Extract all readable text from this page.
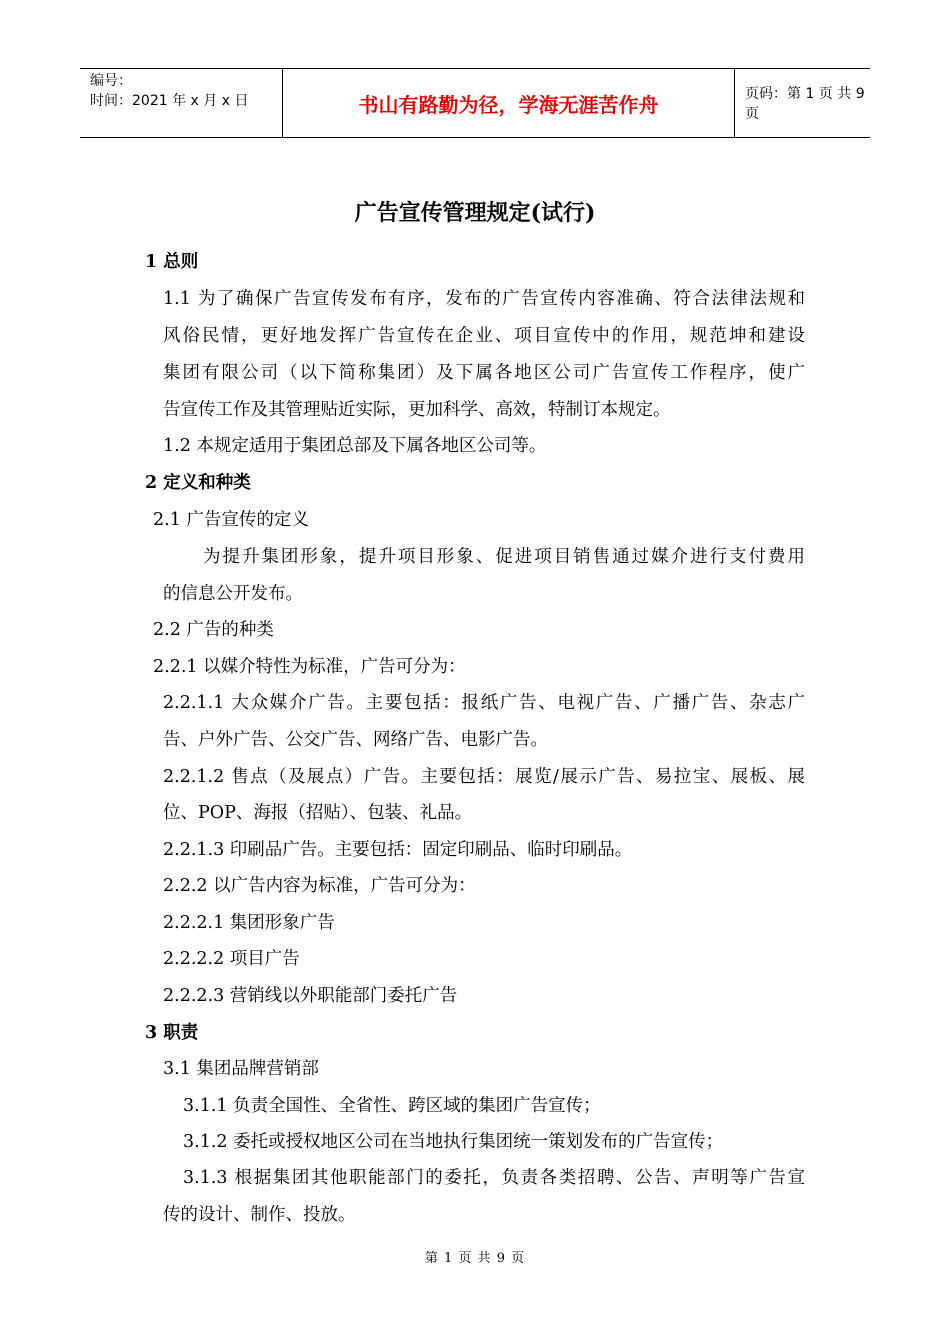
编号：
时间：2021 年 x 月 x 日	书山有路勤为径，学海无涯苦作舟	页码：第 1 页 共 9 页
广告宣传管理规定(试行)
1 总则
1.1 为了确保广告宣传发布有序，发布的广告宣传内容准确、符合法律法规和
风俗民情，更好地发挥广告宣传在企业、项目宣传中的作用，规范坤和建设
集团有限公司（以下简称集团）及下属各地区公司广告宣传工作程序，使广
告宣传工作及其管理贴近实际，更加科学、高效，特制订本规定。
1.2 本规定适用于集团总部及下属各地区公司等。
2 定义和种类
2.1 广告宣传的定义
为提升集团形象，提升项目形象、促进项目销售通过媒介进行支付费用
的信息公开发布。
2.2 广告的种类
2.2.1 以媒介特性为标准，广告可分为：
2.2.1.1 大众媒介广告。主要包括：报纸广告、电视广告、广播广告、杂志广
告、户外广告、公交广告、网络广告、电影广告。
2.2.1.2 售点（及展点）广告。主要包括：展览/展示广告、易拉宝、展板、展
位、POP、海报（招贴）、包装、礼品。
2.2.1.3 印刷品广告。主要包括：固定印刷品、临时印刷品。
2.2.2 以广告内容为标准，广告可分为：
2.2.2.1 集团形象广告
2.2.2.2 项目广告
2.2.2.3 营销线以外职能部门委托广告
3 职责
3.1 集团品牌营销部
3.1.1 负责全国性、全省性、跨区域的集团广告宣传；
3.1.2 委托或授权地区公司在当地执行集团统一策划发布的广告宣传；
3.1.3 根据集团其他职能部门的委托，负责各类招聘、公告、声明等广告宣
传的设计、制作、投放。
第 1 页 共 9 页
